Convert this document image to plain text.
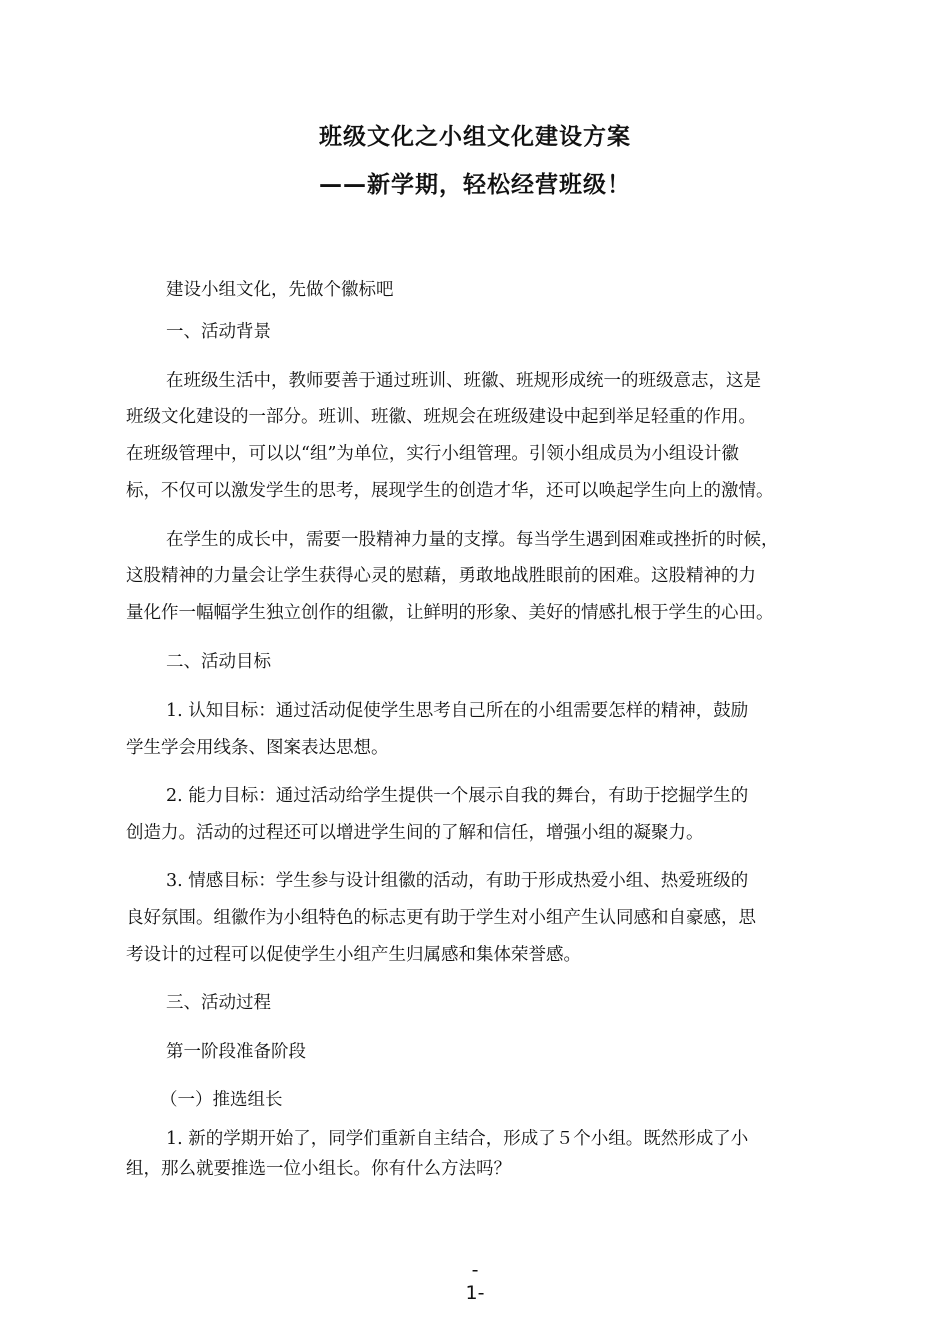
班级文化之小组文化建设方案
——新学期，轻松经营班级！
建设小组文化，先做个徽标吧
一、活动背景
在班级生活中，教师要善于通过班训、班徽、班规形成统一的班级意志，这是
班级文化建设的一部分。班训、班徽、班规会在班级建设中起到举足轻重的作用。
在班级管理中，可以以“组”为单位，实行小组管理。引领小组成员为小组设计徽
标，不仅可以激发学生的思考，展现学生的创造才华，还可以唤起学生向上的激情。
在学生的成长中，需要一股精神力量的支撑。每当学生遇到困难或挫折的时候，
这股精神的力量会让学生获得心灵的慰藉，勇敢地战胜眼前的困难。这股精神的力
量化作一幅幅学生独立创作的组徽，让鲜明的形象、美好的情感扎根于学生的心田。
二、活动目标
1. 认知目标：通过活动促使学生思考自己所在的小组需要怎样的精神，鼓励
学生学会用线条、图案表达思想。
2. 能力目标：通过活动给学生提供一个展示自我的舞台，有助于挖掘学生的
创造力。活动的过程还可以增进学生间的了解和信任，增强小组的凝聚力。
3. 情感目标：学生参与设计组徽的活动，有助于形成热爱小组、热爱班级的
良好氛围。组徽作为小组特色的标志更有助于学生对小组产生认同感和自豪感，思
考设计的过程可以促使学生小组产生归属感和集体荣誉感。
三、活动过程
第一阶段准备阶段
（一）推选组长
1. 新的学期开始了，同学们重新自主结合，形成了５个小组。既然形成了小
组，那么就要推选一位小组长。你有什么方法吗？
-
1-
